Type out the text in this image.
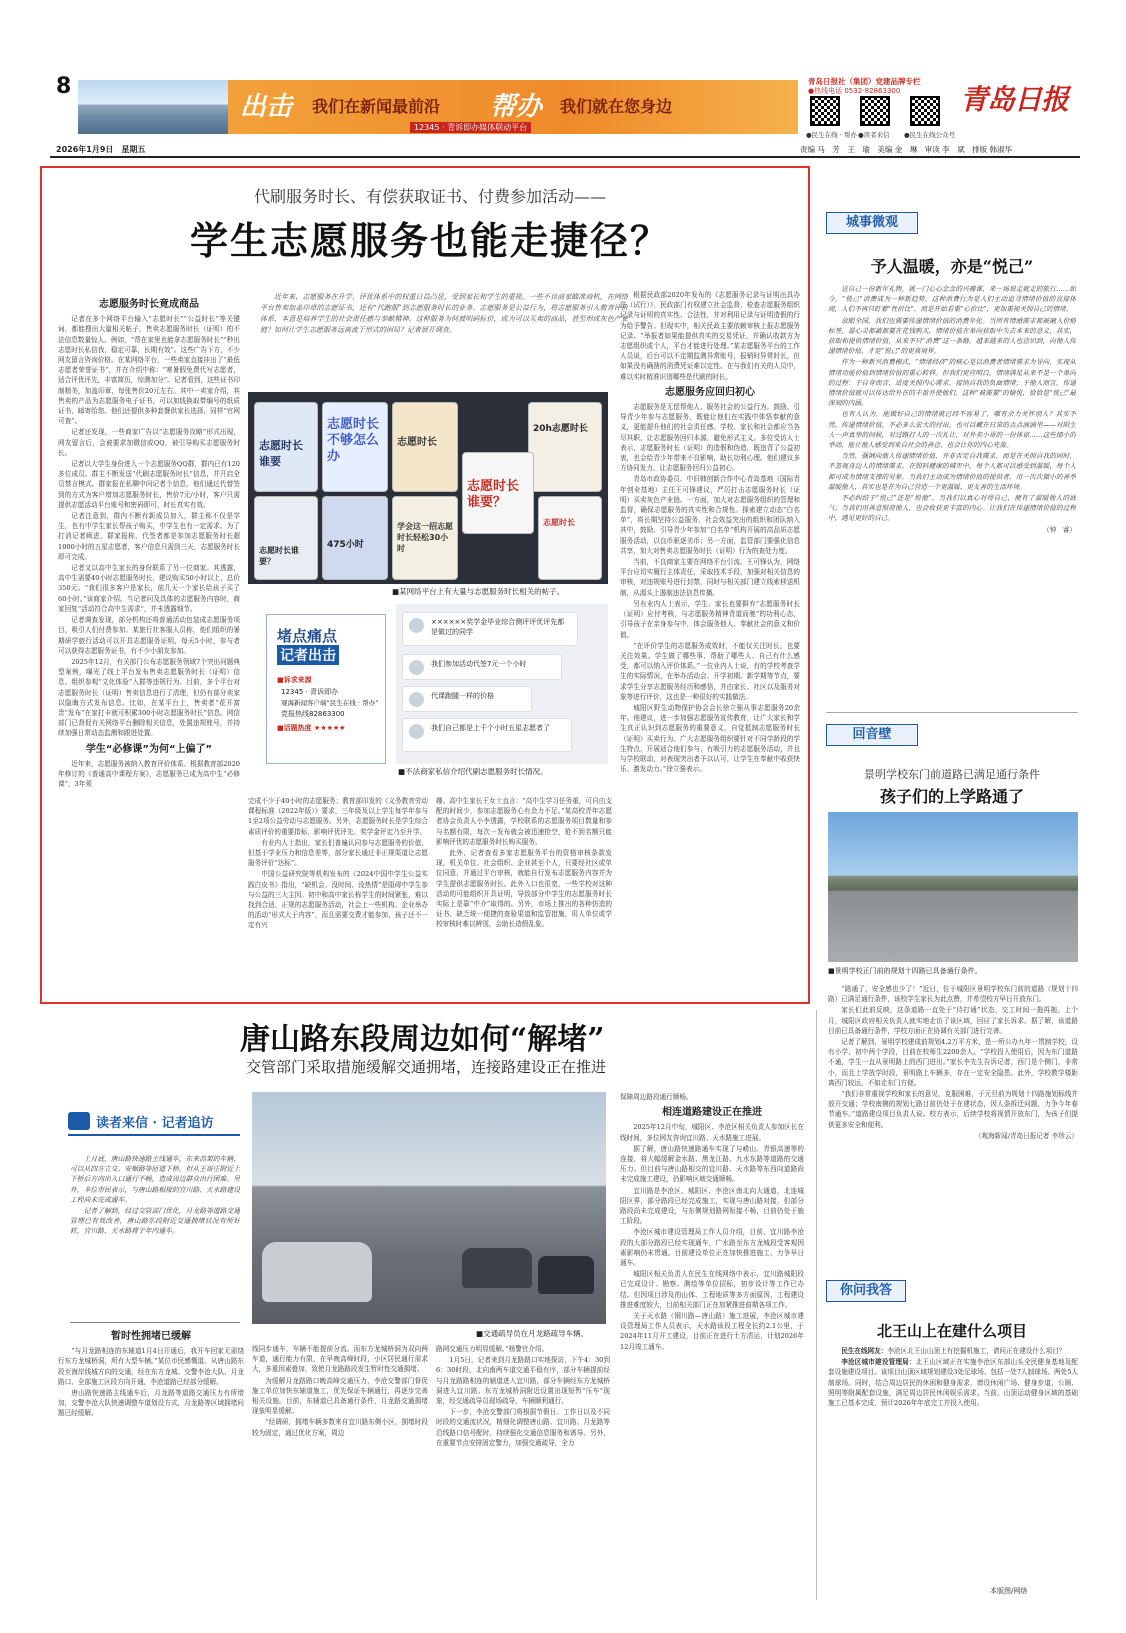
8
出击 我们在新闻最前沿 帮办 我们就在您身边
12345 · 青诉即办媒体联动平台
青岛日报社（集团）党建品牌专栏
●热线电话 0532-82863300
●民生在线 · 帮办 ●读者来信 ●民生在线公众号
青岛日报
2026年1月9日　星期五	责编 马　芳　王　瑜　美编 金　琳　审读 李　斌　排版 韩淑华
代刷服务时长、有偿获取证书、付费参加活动——
学生志愿服务也能走捷径？
近年来，志愿服务在升学、评优体系中的权重日益凸显，受到家长和学生的重视。一些不良商家瞄准商机，在网络平台售卖加盖印章的志愿证书，还有“代跑服”到志愿服务时长的业务。志愿服务是公益行为，将志愿服务引入教育评价体系，本意是培养学生的社会责任感与奉献精神。这种服务为何被明码标价，成为可以买卖的商品，甚至形成灰色产业链？如何让学生志愿服务远离流于形式的困局？记者展开调查。
志愿服务时长竟成商品

记者在多个网络平台输入“志愿时长”“公益时长”等关键词，都能搜出大量相关帖子，售卖志愿服务时长（证明）的不法信息数量惊人。例如，“帮在家里也能拿志愿服务时长”“秒出志愿时长私信我，稳定可靠，长期有效”。这些广告下方，不少网友留言咨询价格。在某网络平台，一些卖家直接挂出了“最低志愿者荣誉证书”，并在介绍中称：“寒暑假免费代写志愿者，适合评优评先，丰富简历，综测加分”。记者看到，这些证书印制精美，加盖印章，每张售价20元左右。其中一卖家介绍，其售卖的产品为志愿服务电子证书，可以加钱换取带编号的纸质证书，邮寄给您。他们还提供多种套餐供家长选择，同样“官网可查”。

记者还发现，一些商家广告以“志愿服务攻略”形式出现，网友留言后，会被要求加微信或QQ，被引导购买志愿服务时长。

记者以大学生身份进入一个志愿服务QQ群，群内已有120多位成员。群主不断发送“代刷志愿服务时长”信息，并开启全员禁言模式。群家报在私聊中问记者个信息，他们通过代替签到的方式为客户增加志愿服务时长，售价7元/小时，客户只需提供志愿活动平台账号和密码即可，时长真实有效。

记者注意到，群内不断有新成员加入，群主称不仅是学生，也有中学生家长帮孩子购买，中学生也有一定需求。为了打消记者顾虑，群家报称，代签者都是参加志愿服务时长超1000小时的五星志愿者，客户信息只需到三天，志愿服务时长即可完成。

记者又以高中生家长的身份联系了另一位商家。其透露，高中生需要40小时志愿服务时长，建议购买50小时以上，总价350元。“我们很多客户是家长，前几天一个家长给孩子买了60小时。”该商家介绍。当记者问及具体的志愿服务内容时，商家回复“活动符合高中生需求”，并未透露细节。

记者调查发现，部分机构还将普通活动包装成志愿服务项目，吸引人们付费参加。某旅行社客服人员称，他们组织的暑期研学旅行活动可以开具志愿服务证明，每天5小时，参与者可以获得志愿服务证书，有不少小朋友参加。

2025年12月，有关部门公布志愿服务领域7个突出问题典型案例，曝光了线上平台发布售卖志愿服务时长（证明）信息、组织参观“文化体验”入群等违规行为。目前，多个平台对志愿服务时长（证明）售卖信息进行了清理，但仍有部分卖家以隐晦方式发布信息。比如，在某平台上，售卖者“花开富贵”发布“在家打卡就可积累300小时志愿服务时长”信息。网信部门已督促有关网络平台删除相关信息，处置违规账号，并持续加强日常动态监测和跟进处置。

学生“必修课”为何“上偏了”

近年来，志愿服务被纳入教育评价体系。根据教育部2020年修订的《普通高中课程方案》，志愿服务已成为高中生“必修课”，3年须

志愿时长谁要
志愿时长不够怎么办
志愿时长
20h志愿时长
志愿时长谁要？
志愿时长谁要？
475小时
学会这一招志愿时长轻松30小时
志愿时长
■某网络平台上有大量与志愿服务时长相关的帖子。
堵点痛点
记者出击
■诉求来源
12345 · 青诉即办
观海新闻客户端“民生在线 · 帮办”
党报热线82863300
■话题热度 ★★★★★
××××××奖学金毕业综合测评评优评先都是做过的同学
我们参加活动代签7元一个小时
代课跑腿一样的价格
我们自己都是上千个小时五星志愿者了
■不法商家私信介绍代刷志愿服务时长情况。

完成不少于40小时的志愿服务；教育部印发的《义务教育劳动课程标准（2022年版）》要求，三年级及以上学生每学年参与1至2项公益劳动与志愿服务。另外，志愿服务时长是学生综合素质评价的重要指标，影响评优评先、奖学金评定乃至升学。

有业内人士指出，家长们普遍认同参与志愿服务的价值，但基于学业压力和信息差等，部分家长通过非正规渠道让志愿服务评价“达标”。

中国公益研究院等机构发布的《2024中国中学生公益实践白皮书》指出，“缺机会、没时间、没热情”是阻碍中学生参与公益的三大主因。初中和高中家长称学生的时间紧张，难以找到合适、正规的志愿服务活动，社会上一些机构、企业举办的活动“形式大于内容”，而且需要交费才能参加，孩子还不一定有兴

趣。高中生家长王女士直言：“高中生学习任务重，可自由支配的时间少，参加志愿服务心有余力不足。”某高校青年志愿者协会负责人小李透露，学校联系的志愿服务项目数量和参与名额有限，每次一发布就会被迅速抢空，抢不到名额只能影响评优的志愿服务时长购买服务。

此外，记者查看多家志愿服务平台的资格审核条款发现，机关单位、社会组织、企业甚至个人，只要经社区或单位同意，并通过平台审核，就能自行发布志愿服务内容并为学生提供志愿服务时长。此外入口也很宽，一些学校对这种活动的可能组织开具证明，导致部分中学生的志愿服务时长实际上是靠“中介”取得的。另外，市场上推出的各种仿造的证书、缺乏统一便捷的查验渠道和监管措施，用人单位或学校审核时难以辨别，会助长造假乱象。

根据民政部2020年发布的《志愿服务记录与证明出具办法（试行）》，民政部门有权建立社会监督，检查志愿服务组织记录与证明的真实性、合法性，并对利用记录与证明造假的行为给予警告。但现实中，相关民政主要依赖审核上报志愿服务记录。“举报者如果能提供真实的交易凭证，并确认收款方为志愿组织或个人，平台才能进行处理。”某志愿服务平台的工作人员说，后台可以不定期监测异常账号，报销时异常时长，但如果没有确凿的消费凭证难以定性。在与我们有关的人员中，难以实时精准识别哪些是代刷的时长。

志愿服务应回归初心

志愿服务是无偿帮他人、服务社会的公益行为。鼓励、引导青少年参与志愿服务，既能让他们在实践中体悟奉献的意义，更能提升他们的社会责任感。学校、家长和社会都应当各尽其职，让志愿服务回归本源，避免形式主义。多位受访人士表示，志愿服务时长（证明）的造假和伪造，既违背了公益初衷，也会给青少年带来不良影响，助长功利心理。他们建议多方协同发力，让志愿服务回归公益初心。

青岛市政协委员、中旧韩创新合作中心青岛基地（国际青年创业基地）主任王可锋建议，严厉打击志愿服务时长（证明）买卖灰色产业链。一方面，加大对志愿服务组织的管理和监督，确保志愿服务的真实性和合规性。探索建立动态“白名单”，将长期坚持公益服务、社会效益突出的组织和团队纳入其中，鼓励、引导青少年参加“白名单”机构开展的高品质志愿服务活动，以良币驱逐劣币；另一方面，监管部门要强化信息共享，加大对售卖志愿服务时长（证明）行为的查处力度。

当前，不良商家主要在网络平台引流。王可锋认为，网络平台应切实履行主体责任，采取技术手段，加强对相关信息的审核，对违规账号进行封禁，同时与相关部门建立线索移送机制，从源头上遏制违法信息传播。

另有业内人士表示，学生、家长也要摒弃“志愿服务时长（证明）应付考核，与志愿服务精神背道而驰”的功利心态，引导孩子在亲身参与中，体会服务他人、奉献社会的意义和价值。

“在评价学生的志愿服务成效时，不能仅关注时长，也要关注效果。学生做了哪些事、帮助了哪些人、自己有什么感受，都可以纳入评价体系。”一位业内人士说，有的学校考查学生的实际情况，在举办活动会、开学初期、新学期等节点，要求学生分享志愿服务经历和感悟，并由家长、社区以及服务对象等进行评价，这也是一种很好的实践做法。

城阳区野生动物保护协会会长徐立强从事志愿服务20余年。他建议，进一步加强志愿服务宣传教育，让广大家长和学生真正认识到志愿服务的重要意义，自觉抵制志愿服务时长（证明）买卖行为。广大志愿服务组织要针对不同学龄段的学生特点，开展适合他们参与、有吸引力的志愿服务活动，并且与学校联动，对表现突出者予以认可，让学生在奉献中收获快乐、激发动力。”徐立强表示。

城事微观
予人温暖，亦是“悦己”

送自己一份新年礼物，挑一门心心念念的兴趣课，来一场说走就走的旅行……如今，“悦己”消费成为一种新趋势，这种消费行为是人们主动追寻情绪价值的直接体现，人们不再只盯着“性价比”，而是开始看重“心价比”，更加重视关照自己的情绪。

放眼全国，我们也需要传递情绪价值的消费年化。当所有情感需求都被融入价格标签，温心灵都藉都要在花钱购买，情绪价值在单向获取中失去本来的意义，其实，获取和提供情绪价值，从来不只“消费”这一条路，越来越多的人也意识到，向他人传递情绪价值，才是“悦己”的更高境界。

作为一种新兴消费模式，“情绪经济”的核心是以消费者情绪需求为导向，实现从情绪功能价值到情绪价值的重心转移。但我们更应明白，情绪满足从来不是一个单向的过程：于自身而言，适度关照内心需求，接纳自我的负面情绪；于他人而言，传递情绪价值就可以传达给外在的丰盈并使他们，这种“被需要”的愉悦，恰恰是“悦己”最深刻的内涵。

也有人认为，能做好自己的情绪就已经不容易了，哪有余力关怀别人？其实不然，传递情绪价值，不必多么宏大的付出，也可以藏在日常的点点滴滴里——对陌生人一声真挚的问候，对过路打人的一次礼让，对外卖小哥的一份体谅……这些细小的举动，能让他人感受到来自社会的善意，也会让你的内心充盈。

当然，强调向他人传递情绪价值，并非否定自我需求，而是在关照自我的同时，不忽视身边人的情绪需求。在照料健康的城市中，每个人都可以感受到温暖，每个人都可成为情绪支撑的对象。当我们主动成为情绪价值的提供者，用一次次微小的善举温暖他人，其实也是在为自己营造一个更温暖、更友善的生活环境。

不必纠结于“悦己”还是“悦他”，当我们以真心对待自己，便有了温暖他人的底气；当我们用善意照亮他人，也会收获更丰富的内心。让我们在传递情绪价值的过程中，遇见更好的自己。

（钟　睿）
回音壁
景明学校东门前道路已满足通行条件
孩子们的上学路通了
■景明学校正门前的规划十四路已具备通行条件。

“路通了，安全感也少了！”近日，位于城阳区景明学校东门前的道路（规划十四路）已满足通行条件，该校学生家长为此点赞，并希望校方早日开放东门。

家长们此前反映，这条道路一直处于“待打通”状态，交工时间一拖再拖。上个月，城阳区政府相关负责人就实地走访了该区域，回应了家长诉求。据了解，该道路目前已具备通行条件，学校方面正在协调有关部门进行完善。

记者了解到，景明学校建成前规划4.2万平方米，是一所公办九年一贯制学校，设有小学、初中两个学段，目前在校师生2200余人。“学校投入使用后，因为东门道路不通，学生一直从景明路上的西门进出。”家长李先生告诉记者，西门是个侧门，非常小，而且上学放学时段，景明路上车辆多，存在一定安全隐患。此外，学校教学楼距离西门较远，不如走东门方便。

“我们非常重视学校和家长的意见，克服困难，于元旦前为规划十四路施划标线并放开交通；学校南侧的规划七路目前仍处于在建状态，因人条拆迁问题，力争今年春节通车。”道路建设项目负责人说。校方表示，后续学校将视情开放东门，为孩子们提供更多安全和便利。

（观海新闻/青岛日报记者 李珍云）
你问我答
北王山上在建什么项目

民生在线网友：李沧区北王山山顶上有挖掘机施工，请问正在建设什么项目？

李沧区城市建设管理局：北王山区域正在实施李沧区东部山头全民健身基地及配套设施建设项目。该项目山顶区域规划建设3处足球场、包括一处7人制球场、两处5人制球场。同时，结合周边居民的休闲和健身需求，增设休闲广场、健身步道、公厕、照明等附属配套设施，满足周边居民休闲娱乐需求。当前，山顶运动健身区域的基础施工已基本完成，预计2026年年底完工并投入使用。

本版图/网络
唐山路东段周边如何“解堵”
交管部门采取措施缓解交通拥堵，连接路建设正在推进
读者来信 · 记者追访

上月底，唐山路快速路主线通车，东来高架的车辆，可以从四方立交、安顺路等匝道下桥。但从王哥庄附近上下桥后方向出入口通行不畅，造成周边群众出行困难。另外，多位市民表示，与唐山路相接的宜川路、天水路建设工程尚未完成通车。

记者了解到，经过交管部门优化，月龙路等道路交通管理已有效改善，唐山路东段附近交通拥堵状况有所好转，宜川路、天水路将于年内通车。

暂时性拥堵已缓解

“与月龙路相连的东辅道1月4日开通后，我开车回家无需绕行东方龙城桥洞，所有大型车辆。”某位市民感慨道。从唐山路东段至海岸线城方向的交通，经在东方龙城、交警李沧大队、月龙路口、全部施工区段方向开通，李沧道路已经部分缓解。

唐山路快速路主线通车后，月龙路等道路交通压力有所增加，交警李沧大队快速调整车道划设方式，月龙路等区域拥堵问题已经缓解。

■交通疏导员在月龙路疏导车辆。

线同步通车，车辆不能提前分流。而东方龙城桥洞为双向两车道，通行能力有限，在早晚高峰时段，小区居民通行需求大，多重因素叠加，致使月龙路路段发生暂时性交通拥堵。

为缓解月龙路路口晚高峰交通压力，李沧交警部门督促施工单位加快东辅道施工，优先保证车辆通行，再逐步完善相关设施。目前，东辅道已具备通行条件，月龙路交通拥堵现象明显缓解。

“经调研，拥堵车辆多数来自宜川路东侧小区，拥堵时段较为固定，通过优化方案，周边

路网交通压力明显缓解。”杨警官介绍。

1月5日，记者来到月龙路路口实地探访，下午4：30到6：30时段，北向南两车道交通平稳有序，部分车辆提前经与月龙路路相连的辅道进入宜川路，部分车辆经东方龙城桥洞进入宜川路。东方龙城桥洞附近设置出现短暂“压车”现象，经交通疏导员现场疏导，车辆顺利通行。

下一步，李沧交警部门将根据节假日、工作日以及不同时段的交通流状况，精细化调整唐山路、宜川路、月龙路等沿线路口信号配时，持续强化交通信息服务和诱导。另外，在重要节点安排固定警力，加强交通疏导，全力

保障周边路段通行顺畅。

相连道路建设正在推进

2025年12月中旬，城阳区、李沧区相关负责人参加区长在线时间，多位网友咨询宜川路、天水路施工进展。

据了解，唐山路快速路通车实现了与崂山、青银高速等的连接，将大幅缓解金水路、黑龙江路、九水东路等道路的交通压力。但目前与唐山路相交的宜川路、天水路等东西向道路尚未完成施工建设，仍影响区域交通顺畅。

宜川路是李沧区、城阳区、李沧区南北向大通道，北连城阳区界，部分路段已经完成施工，实现与唐山路对接，但部分路段尚未完成建设，与东侧规划路网衔接不畅，目前仍处于施工阶段。

李沧区城市建设管理局工作人员介绍，目前，宜川路李沧段的大部分路段已经实现通车，广水路至东方龙城段受客观因素影响仍未贯通。目前建设单位正在加快推进施工，力争早日通车。

城阳区相关负责人在民生在线网络中表示，宜川路城阳段已完成设计、勘察、测绘等单位招标，初步设计等工作已办结。但因项目涉及的山体、工程地质等多方面原因，工程建设推进难度较大，目前相关部门正在加紧推进前期各项工作。

关于天水路（铜川路—唐山路）施工进展，李沧区城市建设管理局工作人员表示，天水路该段工程全长约2.1公里，于2024年11月开工建设，目前正在进行土方清运，计划2026年12月竣工通车。
